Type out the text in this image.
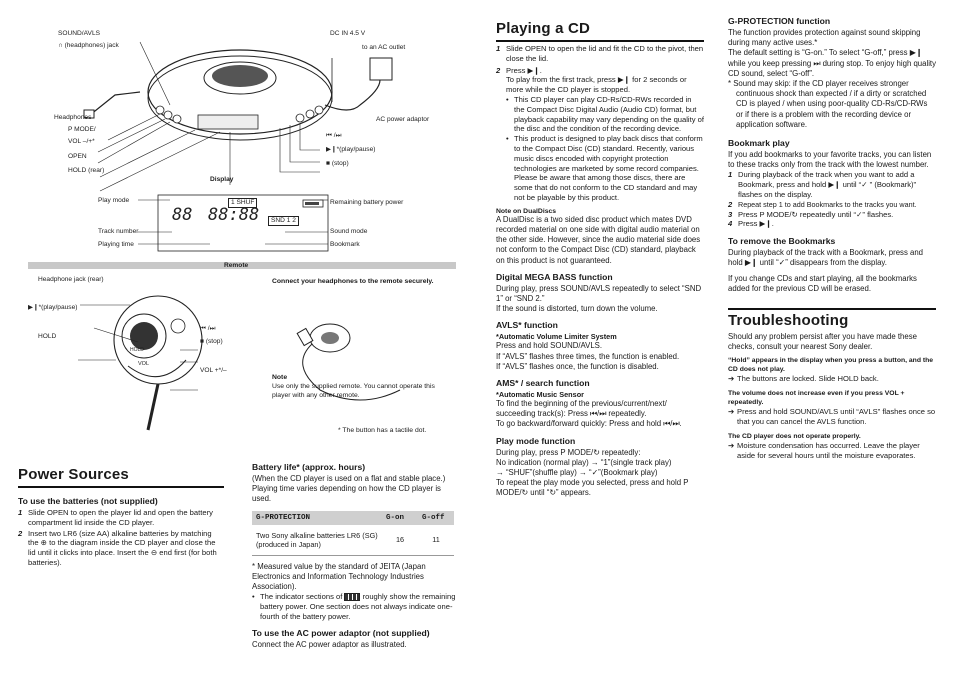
SOUND/AVLS
∩ (headphones) jack
DC IN 4.5 V
to an AC outlet
Headphones
P MODE/
VOL –/+*
OPEN
HOLD (rear)
AC power adaptor
⏮ /⏭
▶❙*(play/pause)
■ (stop)
Display
1 SHUF
88 88:88	SND 1 2
Play mode	Remaining battery power
Track number
Playing time
Sound mode
Bookmark
Remote
VOL
HOLD
Headphone jack (rear)
▶❙*(play/pause)
HOLD
⏮ /⏭
■ (stop)
VOL +*/–

Connect your headphones to the remote securely.

Note

Use only the supplied remote. You cannot operate this player with any other remote.

* The button has a tactile dot.

Power Sources
To use the batteries (not supplied)
1 Slide OPEN to open the player lid and open the battery compartment lid inside the CD player.
2 Insert two LR6 (size AA) alkaline batteries by matching the ⊕ to the diagram inside the CD player and close the lid until it clicks into place. Insert the ⊖ end first (for both batteries).
Battery life* (approx. hours)

(When the CD player is used on a flat and stable place.)

Playing time varies depending on how the CD player is used.

G-PROTECTION	G-on	G-off
Two Sony alkaline batteries LR6 (SG) (produced in Japan)	16	11

* Measured value by the standard of JEITA (Japan Electronics and Information Technology Industries Association).

• The indicator sections of	roughly show the remaining battery power. One section does not always indicate one-fourth of the battery power.
To use the AC power adaptor (not supplied)

Connect the AC power adaptor as illustrated.

Playing a CD
1 Slide OPEN to open the lid and fit the CD to the pivot, then close the lid.
2 Press ▶❙.
To play from the first track, press ▶❙ for 2 seconds or more while the CD player is stopped.
• This CD player can play CD-Rs/CD-RWs recorded in the Compact Disc Digital Audio (Audio CD) format, but playback capability may vary depending on the quality of the disc and the condition of the recording device.
• This product is designed to play back discs that conform to the Compact Disc (CD) standard. Recently, various music discs encoded with copyright protection technologies are marketed by some record companies. Please be aware that among those discs, there are some that do not conform to the CD standard and may not be playable by this product.

Note on DualDiscs

A DualDisc is a two sided disc product which mates DVD recorded material on one side with digital audio material on the other side. However, since the audio material side does not conform to the Compact Disc (CD) standard, playback on this product is not guaranteed.

Digital MEGA BASS function

During play, press SOUND/AVLS repeatedly to select “SND 1” or “SND 2.”

If the sound is distorted, turn down the volume.

AVLS* function

*Automatic Volume Limiter System

Press and hold SOUND/AVLS.

If “AVLS” flashes three times, the function is enabled.

If “AVLS” flashes once, the function is disabled.

AMS* / search function

*Automatic Music Sensor

To find the beginning of the previous/current/next/ succeeding track(s): Press ⏮/⏭ repeatedly.

To go backward/forward quickly: Press and hold ⏮/⏭.

Play mode function

During play, press P MODE/↻ repeatedly:

No indication (normal play) → “1”(single track play)

→ “SHUF”(shuffle play) → “✓”(Bookmark play)

To repeat the play mode you selected, press and hold P MODE/↻ until “↻” appears.

G-PROTECTION function

The function provides protection against sound skipping during many active uses.*

The default setting is “G-on.” To select “G-off,” press ▶❙ while you keep pressing ⏭ during stop. To enjoy high quality CD sound, select “G-off”.

* Sound may skip: if the CD player receives stronger continuous shock than expected / if a dirty or scratched CD is played / when using poor-quality CD-Rs/CD-RWs or if there is a problem with the recording device or application software.

Bookmark play

If you add bookmarks to your favorite tracks, you can listen to these tracks only from the track with the lowest number.

1 During playback of the track when you want to add a Bookmark, press and hold ▶❙ until “✓ ” (Bookmark)” flashes on the display.
2 Repeat step 1 to add Bookmarks to the tracks you want.
3 Press P MODE/↻ repeatedly until “✓” flashes.
4 Press ▶❙.
To remove the Bookmarks

During playback of the track with a Bookmark, press and hold ▶❙ until “✓” disappears from the display.

If you change CDs and start playing, all the bookmarks added for the previous CD will be erased.

Troubleshooting

Should any problem persist after you have made these checks, consult your nearest Sony dealer.

“Hold” appears in the display when you press a button, and the CD does not play.

➔ The buttons are locked. Slide HOLD back.

The volume does not increase even if you press VOL + repeatedly.

➔ Press and hold SOUND/AVLS until “AVLS” flashes once so that you can cancel the AVLS function.

The CD player does not operate properly.

➔ Moisture condensation has occurred. Leave the player aside for several hours until the moisture evaporates.
